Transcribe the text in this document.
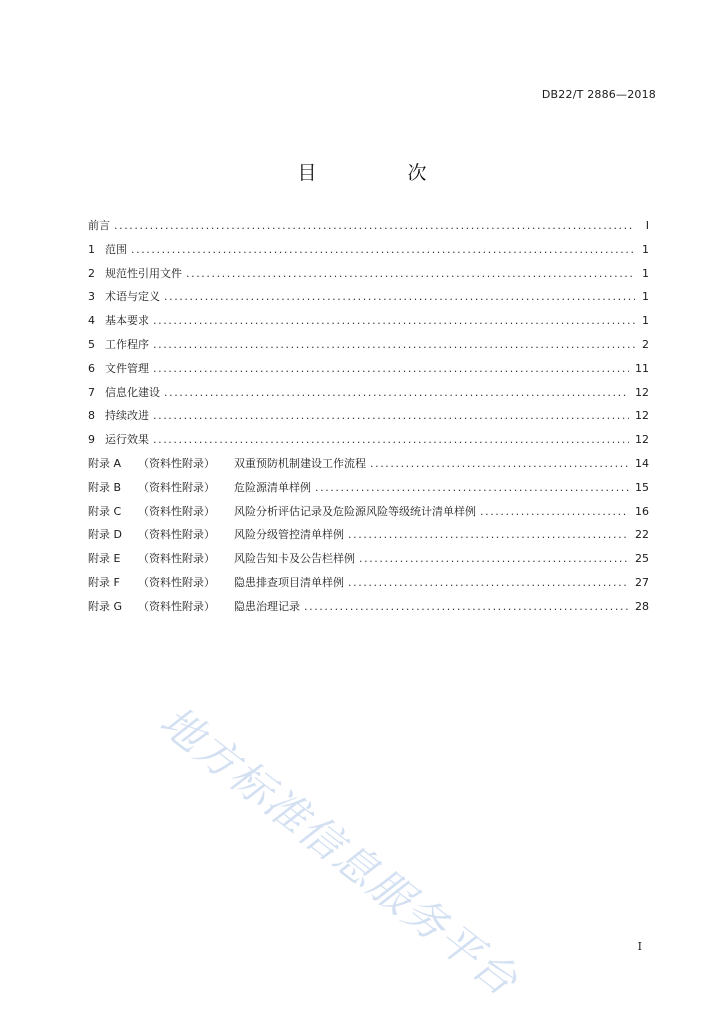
DB22/T 2886—2018
目　次
前言 .....	I
1 范围 .....	1
2 规范性引用文件 .....	1
3 术语与定义 .....	1
4 基本要求 .....	1
5 工作程序 .....	2
6 文件管理 .....	11
7 信息化建设 .....	12
8 持续改进 .....	12
9 运行效果 .....	12
附录 A	（资料性附录）	双重预防机制建设工作流程 .....	14
附录 B	（资料性附录）	危险源清单样例 .....	15
附录 C	（资料性附录）	风险分析评估记录及危险源风险等级统计清单样例 .....	16
附录 D	（资料性附录）	风险分级管控清单样例 .....	22
附录 E	（资料性附录）	风险告知卡及公告栏样例 .....	25
附录 F	（资料性附录）	隐患排查项目清单样例 .....	27
附录 G	（资料性附录）	隐患治理记录 .....	28
地方标准信息服务平台	I
